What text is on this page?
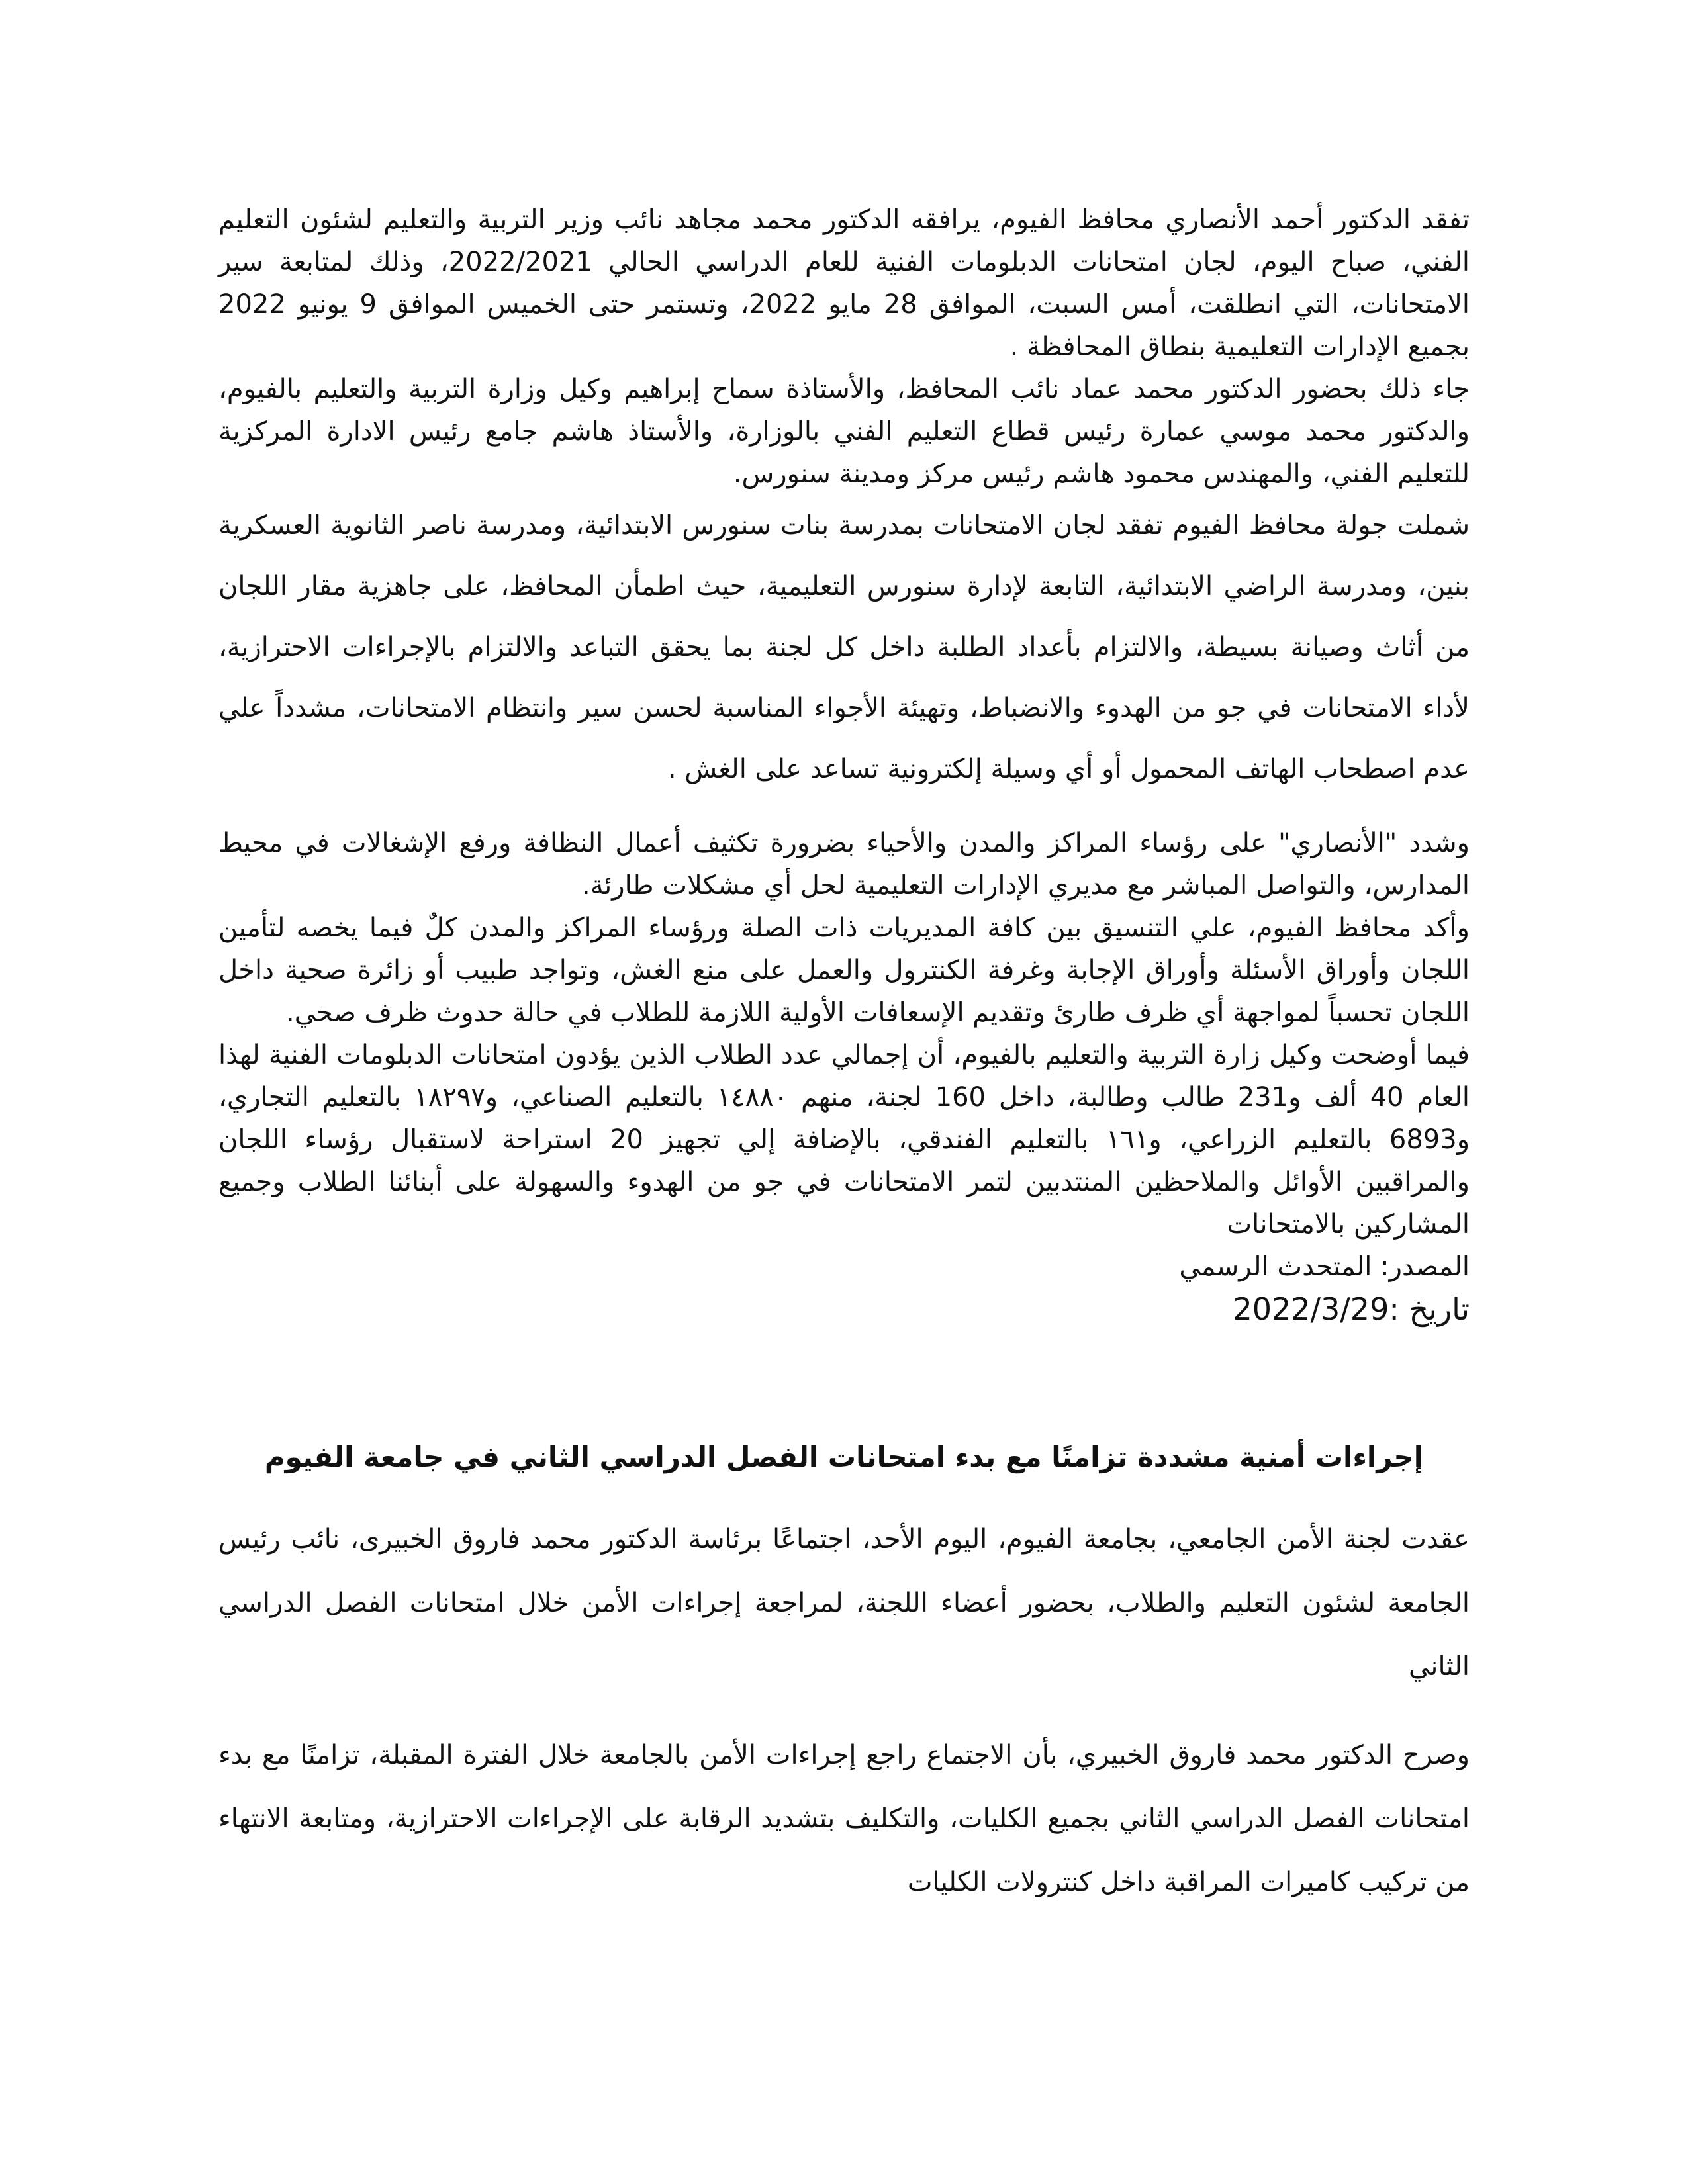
تفقد الدكتور أحمد الأنصاري محافظ الفيوم، يرافقه الدكتور محمد مجاهد نائب وزير التربية والتعليم لشئون التعليم الفني، صباح اليوم، لجان امتحانات الدبلومات الفنية للعام الدراسي الحالي 2022/2021، وذلك لمتابعة سير الامتحانات، التي انطلقت، أمس السبت، الموافق 28 مايو 2022، وتستمر حتى الخميس الموافق 9 يونيو 2022 بجميع الإدارات التعليمية بنطاق المحافظة .

جاء ذلك بحضور الدكتور محمد عماد نائب المحافظ، والأستاذة سماح إبراهيم وكيل وزارة التربية والتعليم بالفيوم، والدكتور محمد موسي عمارة رئيس قطاع التعليم الفني بالوزارة، والأستاذ هاشم جامع رئيس الادارة المركزية للتعليم الفني، والمهندس محمود هاشم رئيس مركز ومدينة سنورس.

شملت جولة محافظ الفيوم تفقد لجان الامتحانات بمدرسة بنات سنورس الابتدائية، ومدرسة ناصر الثانوية العسكرية بنين، ومدرسة الراضي الابتدائية، التابعة لإدارة سنورس التعليمية، حيث اطمأن المحافظ، على جاهزية مقار اللجان من أثاث وصيانة بسيطة، والالتزام بأعداد الطلبة داخل كل لجنة بما يحقق التباعد والالتزام بالإجراءات الاحترازية، لأداء الامتحانات في جو من الهدوء والانضباط، وتهيئة الأجواء المناسبة لحسن سير وانتظام الامتحانات، مشدداً علي عدم اصطحاب الهاتف المحمول أو أي وسيلة إلكترونية تساعد على الغش .

وشدد "الأنصاري" على رؤساء المراكز والمدن والأحياء بضرورة تكثيف أعمال النظافة ورفع الإشغالات في محيط المدارس، والتواصل المباشر مع مديري الإدارات التعليمية لحل أي مشكلات طارئة.

وأكد محافظ الفيوم، علي التنسيق بين كافة المديريات ذات الصلة ورؤساء المراكز والمدن كلٌ فيما يخصه لتأمين اللجان وأوراق الأسئلة وأوراق الإجابة وغرفة الكنترول والعمل على منع الغش، وتواجد طبيب أو زائرة صحية داخل اللجان تحسباً لمواجهة أي ظرف طارئ وتقديم الإسعافات الأولية اللازمة للطلاب في حالة حدوث ظرف صحي.

فيما أوضحت وكيل زارة التربية والتعليم بالفيوم، أن إجمالي عدد الطلاب الذين يؤدون امتحانات الدبلومات الفنية لهذا العام 40 ألف و231 طالب وطالبة، داخل 160 لجنة، منهم ١٤٨٨٠ بالتعليم الصناعي، و١٨٢٩٧ بالتعليم التجاري، و6893 بالتعليم الزراعي، و١٦١ بالتعليم الفندقي، بالإضافة إلي تجهيز 20 استراحة لاستقبال رؤساء اللجان والمراقبين الأوائل والملاحظين المنتدبين لتمر الامتحانات في جو من الهدوء والسهولة على أبنائنا الطلاب وجميع المشاركين بالامتحانات

المصدر: المتحدث الرسمي
تاريخ :2022/3/29
إجراءات أمنية مشددة تزامنًا مع بدء امتحانات الفصل الدراسي الثاني في جامعة الفيوم

عقدت لجنة الأمن الجامعي، بجامعة الفيوم، اليوم الأحد، اجتماعًا برئاسة الدكتور محمد فاروق الخبيرى، نائب رئيس الجامعة لشئون التعليم والطلاب، بحضور أعضاء اللجنة، لمراجعة إجراءات الأمن خلال امتحانات الفصل الدراسي الثاني

وصرح الدكتور محمد فاروق الخبيري، بأن الاجتماع راجع إجراءات الأمن بالجامعة خلال الفترة المقبلة، تزامنًا مع بدء امتحانات الفصل الدراسي الثاني بجميع الكليات، والتكليف بتشديد الرقابة على الإجراءات الاحترازية، ومتابعة الانتهاء من تركيب كاميرات المراقبة داخل كنترولات الكليات
